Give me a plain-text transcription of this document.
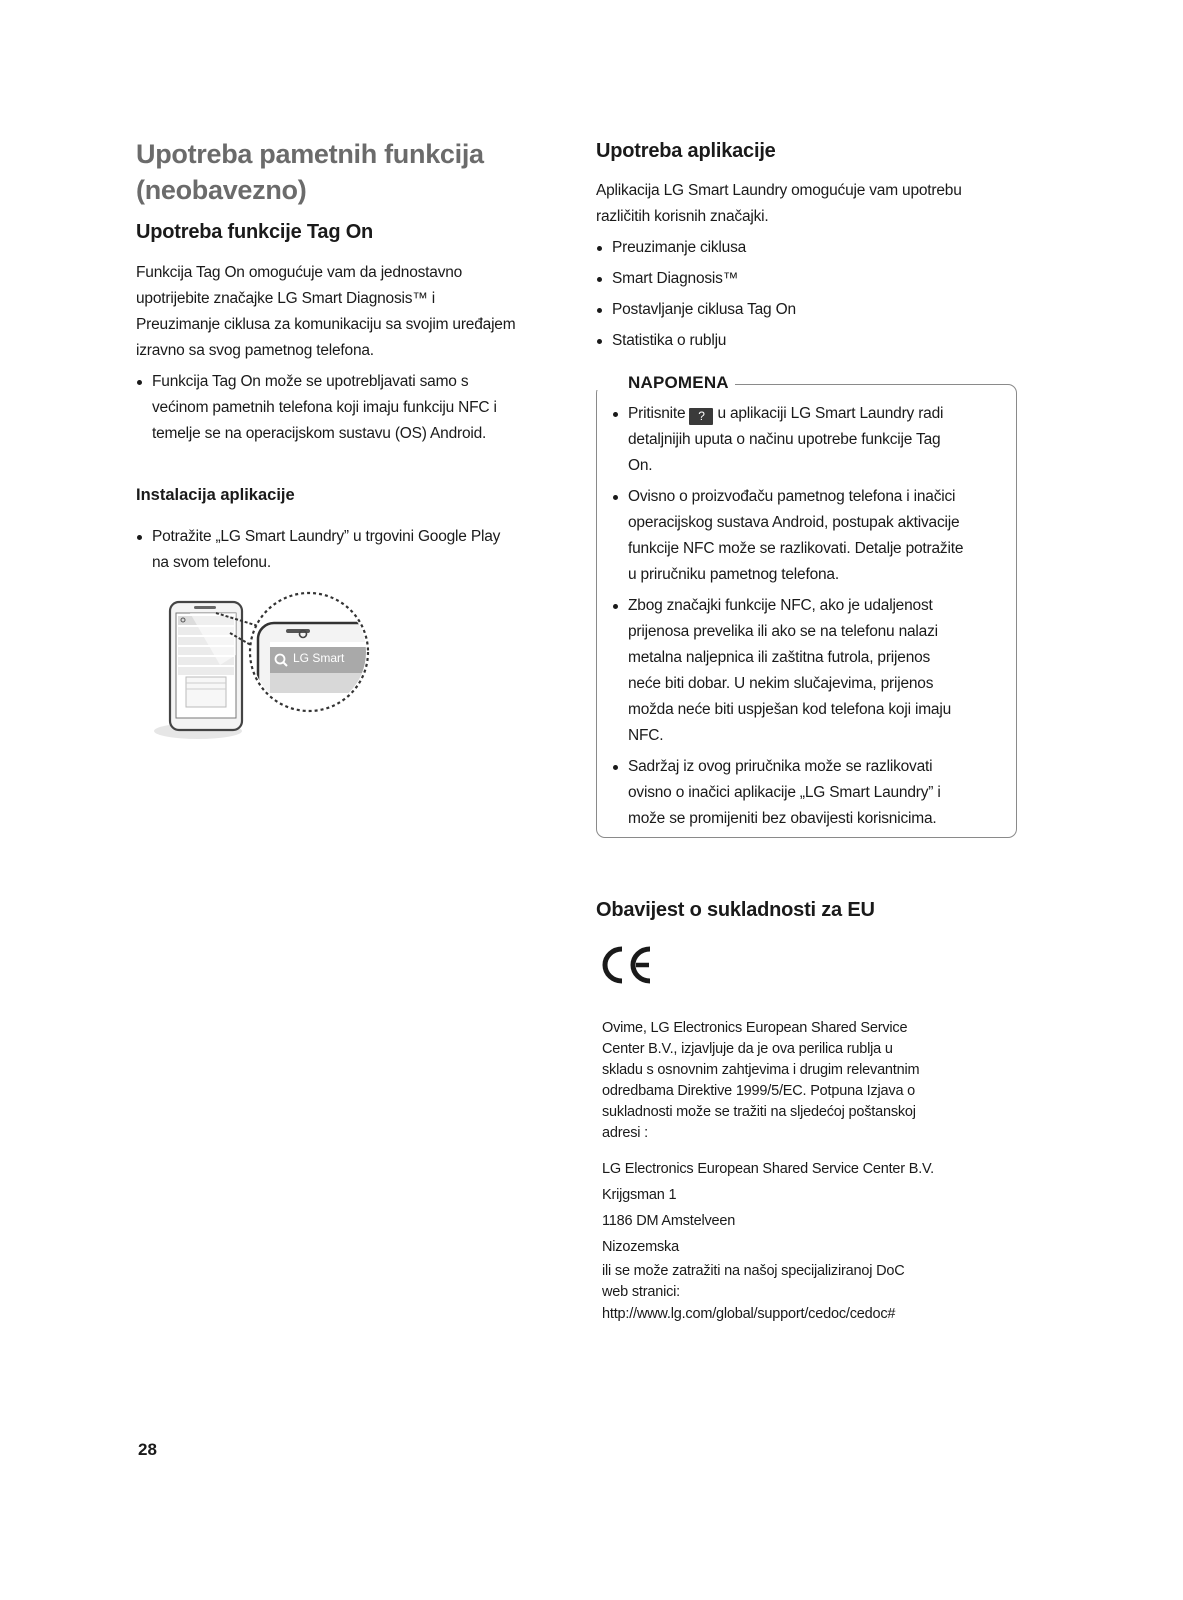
Upotreba pametnih funkcija
(neobavezno)
Upotreba funkcije Tag On
Funkcija Tag On omogućuje vam da jednostavno
upotrijebite značajke LG Smart Diagnosis™ i
Preuzimanje ciklusa za komunikaciju sa svojim uređajem
izravno sa svog pametnog telefona.
Funkcija Tag On može se upotrebljavati samo s
većinom pametnih telefona koji imaju funkciju NFC i
temelje se na operacijskom sustavu (OS) Android.
Instalacija aplikacije
Potražite „LG Smart Laundry” u trgovini Google Play
na svom telefonu.
LG Smart
Upotreba aplikacije
Aplikacija LG Smart Laundry omogućuje vam upotrebu
različitih korisnih značajki.
Preuzimanje ciklusa
Smart Diagnosis™
Postavljanje ciklusa Tag On
Statistika o rublju
NAPOMENA
Pritisnite ? u aplikaciji LG Smart Laundry radi
detaljnijih uputa o načinu upotrebe funkcije Tag
On.
Ovisno o proizvođaču pametnog telefona i inačici
operacijskog sustava Android, postupak aktivacije
funkcije NFC može se razlikovati. Detalje potražite
u priručniku pametnog telefona.
Zbog značajki funkcije NFC, ako je udaljenost
prijenosa prevelika ili ako se na telefonu nalazi
metalna naljepnica ili zaštitna futrola, prijenos
neće biti dobar. U nekim slučajevima, prijenos
možda neće biti uspješan kod telefona koji imaju
NFC.
Sadržaj iz ovog priručnika može se razlikovati
ovisno o inačici aplikacije „LG Smart Laundry” i
može se promijeniti bez obavijesti korisnicima.
Obavijest o sukladnosti za EU
Ovime, LG Electronics European Shared Service
Center B.V., izjavljuje da je ova perilica rublja u
skladu s osnovnim zahtjevima i drugim relevantnim
odredbama Direktive 1999/5/EC. Potpuna Izjava o
sukladnosti može se tražiti na sljedećoj poštanskoj
adresi :
LG Electronics European Shared Service Center B.V.
Krijgsman 1
1186 DM Amstelveen
Nizozemska
ili se može zatražiti na našoj specijaliziranoj DoC
web stranici:
http://www.lg.com/global/support/cedoc/cedoc#
28
